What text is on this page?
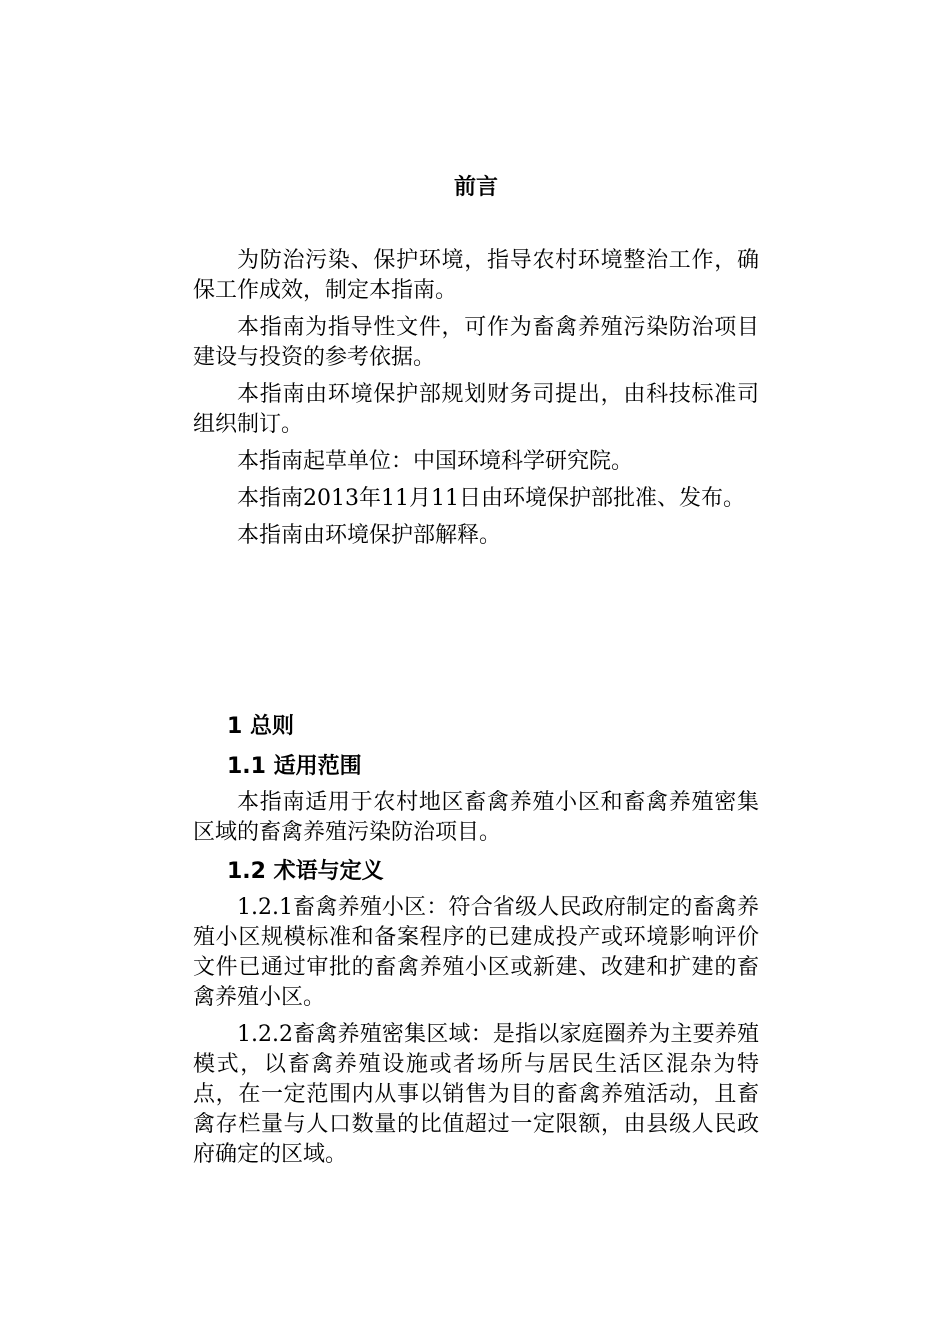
前言

为防治污染、保护环境，指导农村环境整治工作，确保工作成效，制定本指南。

本指南为指导性文件，可作为畜禽养殖污染防治项目建设与投资的参考依据。

本指南由环境保护部规划财务司提出，由科技标准司组织制订。

本指南起草单位：中国环境科学研究院。

本指南2013年11月11日由环境保护部批准、发布。

本指南由环境保护部解释。

1 总则
1.1 适用范围

本指南适用于农村地区畜禽养殖小区和畜禽养殖密集区域的畜禽养殖污染防治项目。

1.2 术语与定义

1.2.1畜禽养殖小区：符合省级人民政府制定的畜禽养殖小区规模标准和备案程序的已建成投产或环境影响评价文件已通过审批的畜禽养殖小区或新建、改建和扩建的畜禽养殖小区。

1.2.2畜禽养殖密集区域：是指以家庭圈养为主要养殖模式，以畜禽养殖设施或者场所与居民生活区混杂为特点，在一定范围内从事以销售为目的畜禽养殖活动，且畜禽存栏量与人口数量的比值超过一定限额，由县级人民政府确定的区域。
